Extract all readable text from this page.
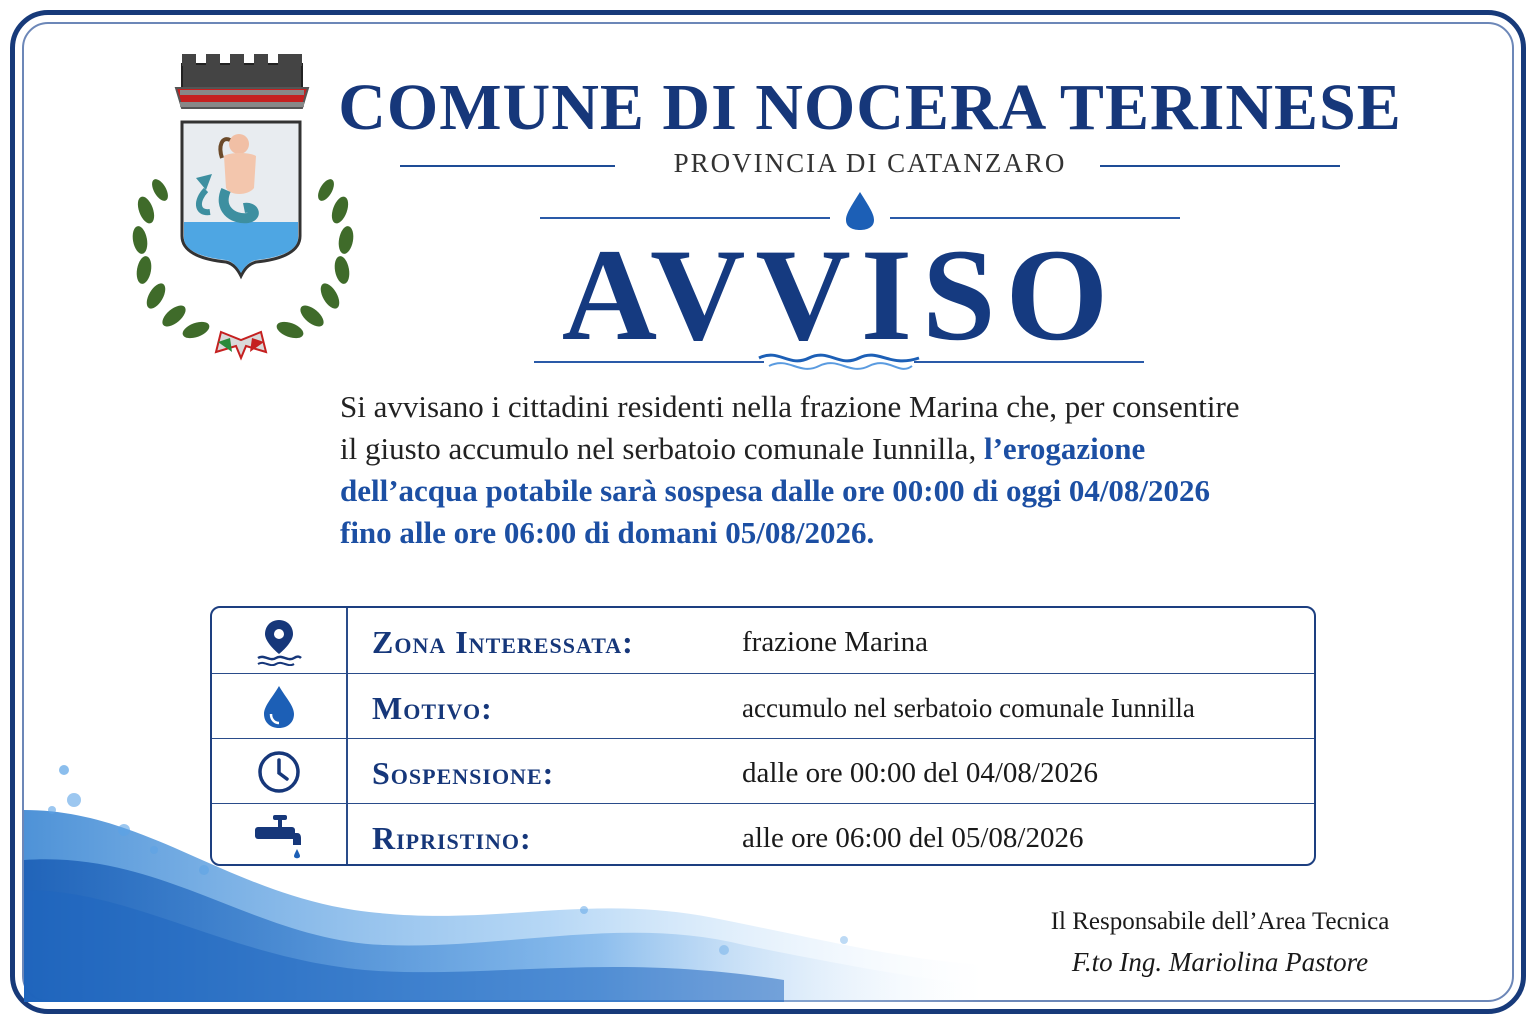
COMUNE DI NOCERA TERINESE
PROVINCIA DI CATANZARO
AVVISO
Si avvisano i cittadini residenti nella frazione Marina che, per consentire il giusto accumulo nel serbatoio comunale Iunnilla, l’erogazione dell’acqua potabile sarà sospesa dalle ore 00:00 di oggi 04/08/2026 fino alle ore 06:00 di domani 05/08/2026.
Zona Interessata:	frazione Marina
Motivo:	accumulo nel serbatoio comunale Iunnilla
Sospensione:	dalle ore 00:00 del 04/08/2026
Ripristino:	alle ore 06:00 del 05/08/2026
Il Responsabile dell’Area Tecnica
F.to Ing. Mariolina Pastore
